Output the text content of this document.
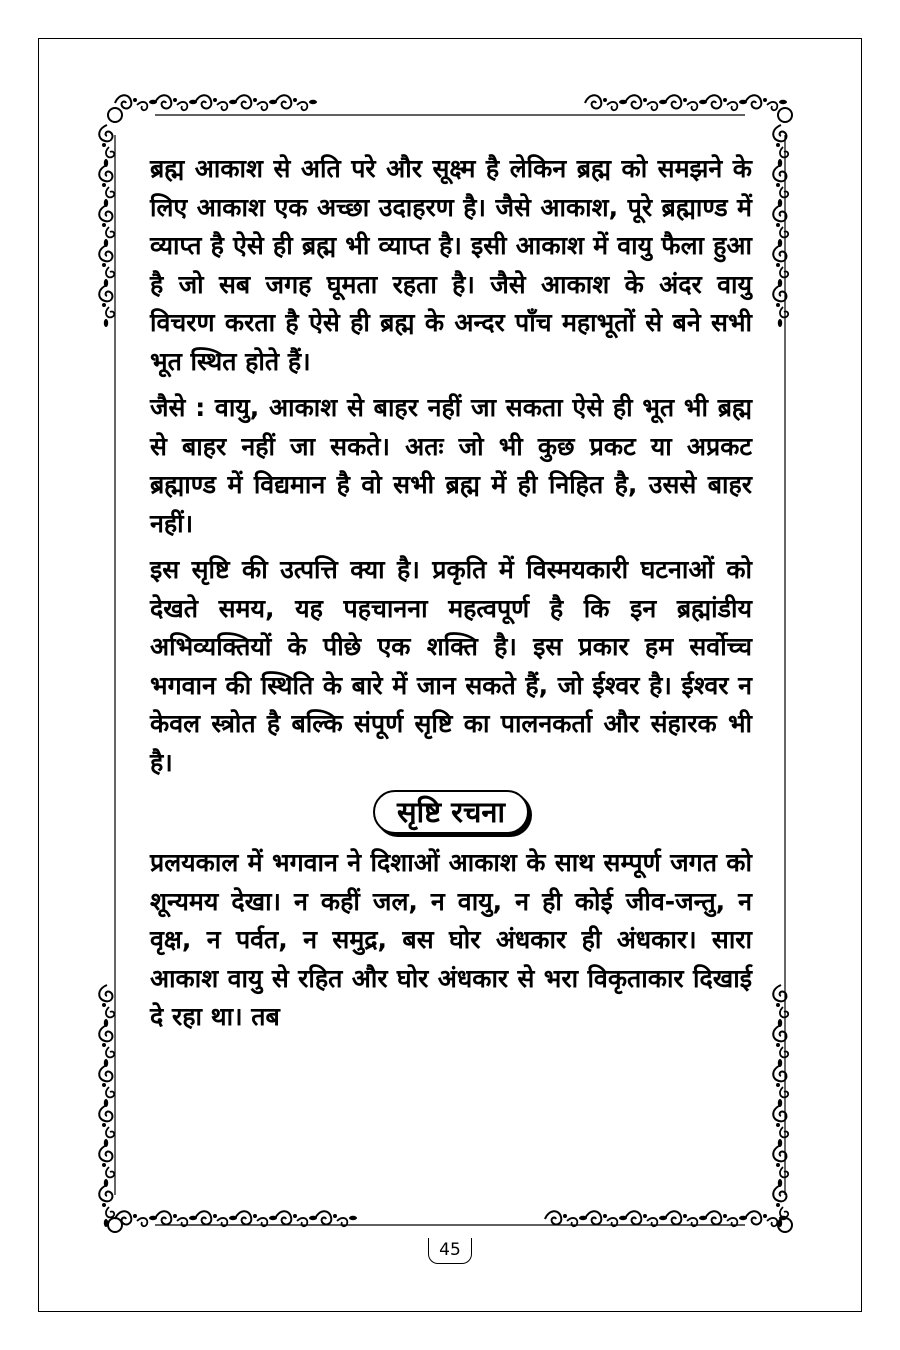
ब्रह्म आकाश से अति परे और सूक्ष्म है लेकिन ब्रह्म को समझने के लिए आकाश एक अच्छा उदाहरण है। जैसे आकाश, पूरे ब्रह्माण्ड में व्याप्त है ऐसे ही ब्रह्म भी व्याप्त है। इसी आकाश में वायु फैला हुआ है जो सब जगह घूमता रहता है। जैसे आकाश के अंदर वायु विचरण करता है ऐसे ही ब्रह्म के अन्दर पाँच महाभूतों से बने सभी भूत स्थित होते हैं।

जैसे : वायु, आकाश से बाहर नहीं जा सकता ऐसे ही भूत भी ब्रह्म से बाहर नहीं जा सकते। अतः जो भी कुछ प्रकट या अप्रकट ब्रह्माण्ड में विद्यमान है वो सभी ब्रह्म में ही निहित है, उससे बाहर नहीं।

इस सृष्टि की उत्पत्ति क्या है। प्रकृति में विस्मयकारी घटनाओं को देखते समय, यह पहचानना महत्वपूर्ण है कि इन ब्रह्मांडीय अभिव्यक्तियों के पीछे एक शक्ति है। इस प्रकार हम सर्वोच्च भगवान की स्थिति के बारे में जान सकते हैं, जो ईश्वर है। ईश्वर न केवल स्त्रोत है बल्कि संपूर्ण सृष्टि का पालनकर्ता और संहारक भी है।

सृष्टि रचना

प्रलयकाल में भगवान ने दिशाओं आकाश के साथ सम्पूर्ण जगत को शून्यमय देखा। न कहीं जल, न वायु, न ही कोई जीव-जन्तु, न वृक्ष, न पर्वत, न समुद्र, बस घोर अंधकार ही अंधकार। सारा आकाश वायु से रहित और घोर अंधकार से भरा विकृताकार दिखाई दे रहा था। तब

45
